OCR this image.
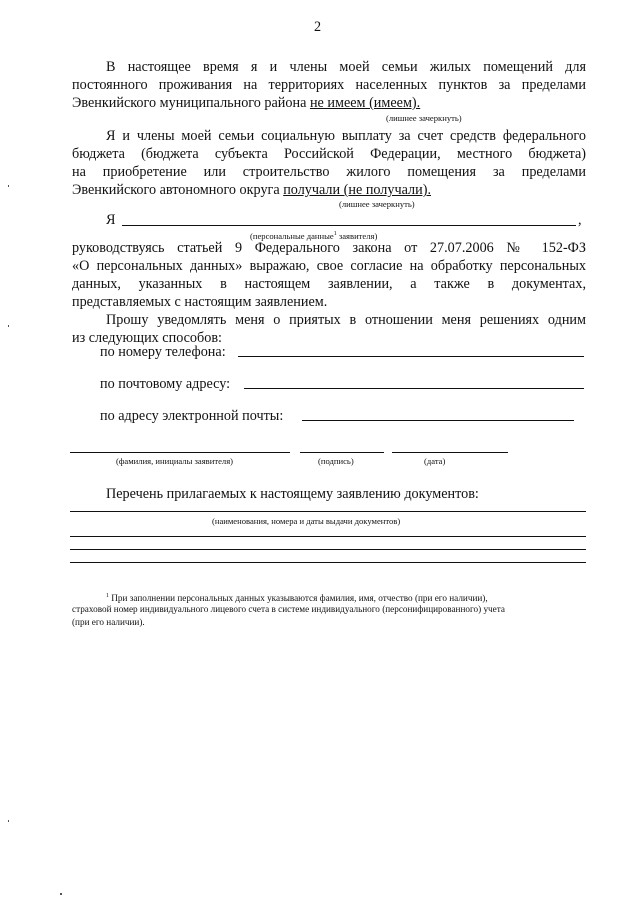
2
В настоящее время я и члены моей семьи жилых помещений для
постоянного проживания на территориях населенных пунктов за пределами
Эвенкийского муниципального района не имеем (имеем).
(лишнее зачеркнуть)
Я и члены моей семьи социальную выплату за счет средств федерального
бюджета (бюджета субъекта Российской Федерации, местного бюджета)
на приобретение или строительство жилого помещения за пределами
Эвенкийского автономного округа получали (не получали).
(лишнее зачеркнуть)
Я	,
(персональные данные$^1$ заявителя)
руководствуясь статьей 9 Федерального закона от 27.07.2006 № 152-ФЗ
«О персональных данных» выражаю, свое согласие на обработку персональных
данных, указанных в настоящем заявлении, а также в документах,
представляемых с настоящим заявлением.
Прошу уведомлять меня о приятых в отношении меня решениях одним
из следующих способов:
по номеру телефона:
по почтовому адресу:
по адресу электронной почты:
(фамилия, инициалы заявителя)	(подпись)	(дата)
Перечень прилагаемых к настоящему заявлению документов:
(наименования, номера и даты выдачи документов)
$^1$ При заполнении персональных данных указываются фамилия, имя, отчество (при его наличии),
страховой номер индивидуального лицевого счета в системе индивидуального (персонифицированного) учета
(при его наличии).
